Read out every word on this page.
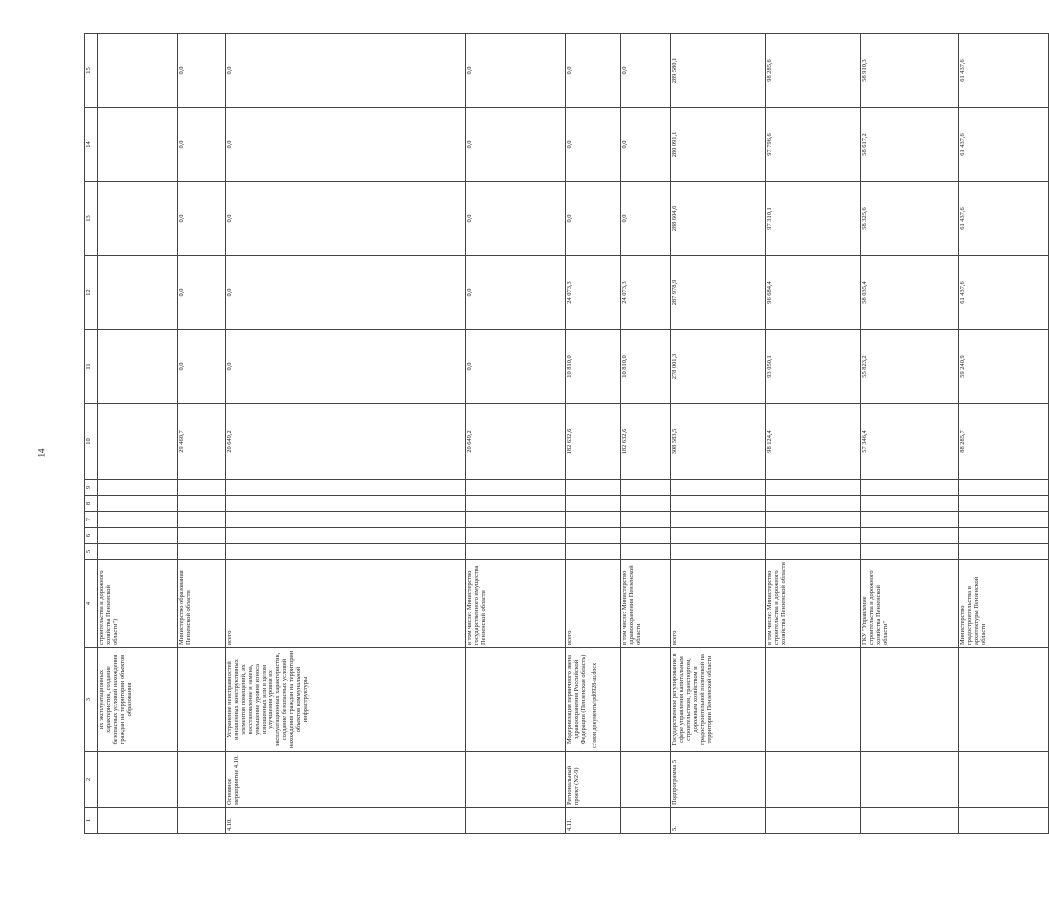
14
1	2	3	4	5	6	7	8	9	10	11	12	13	14	15
		их эксплуатационных характеристик, создание безопасных условий нахождения граждан на территории объектов образования	строительства и дорожного хозяйства Пензенской области")											
			Министерство образования Пензенской области						29 460,7	0,0	0,0	0,0	0,0	0,0
4.10.	Основное мероприятие 4.10.	Устранение неисправностей изношенных конструктивных элементов помещений, их восстановление и замена, умеьшение уровня износа изношенных или в целом улучшения уровня их эксплуатационных характеристик, создание безопасных условий нахождения граждан на территории объектов коммунальной инфраструктуры	всего						20 649,2	0,0	0,0	0,0	0,0	0,0
			в том числе: Министерство государственного имущества Пензенской области						20 649,2	0,0	0,0	0,0	0,0	0,0
4.11.	Региональный проект (N2-9)	Модернизация первичного звена здравоохранения Российской Федерации (Пензенская область)	всего						182 632,6	10 810,0	24 073,3	0,0	0,0	0,0
			в том числе: Министерство здравоохранения Пензенской области						182 632,6	10 810,0	24 073,3	0,0	0,0	0,0
5.	Подпрограмма 5	Государственное регулирование в сфере управления капитальным строительством, транспортом, дорожным хозяйством и градостроительной политикой на территории Пензенской области	всего						308 583,5	278 001,3	287 978,9	288 604,6	280 091,1	289 580,1
			в том числе: Министерство строительства и дорожного хозяйства Пензенской области						98 124,4	93 050,1	96 684,4	97 310,1	97 796,6	98 285,6
			ГКУ "Управление строительства и дорожного хозяйства Пензенской области"						57 346,4	55 823,2	58 035,4	58 325,6	58 617,2	58 910,3
			Министерство градостроительства и архитектуры Пензенской области						88 285,7	59 240,9	61 437,6	61 437,6	61 437,6	61 437,6
c:\мои документы\pd0928-ш.docx
